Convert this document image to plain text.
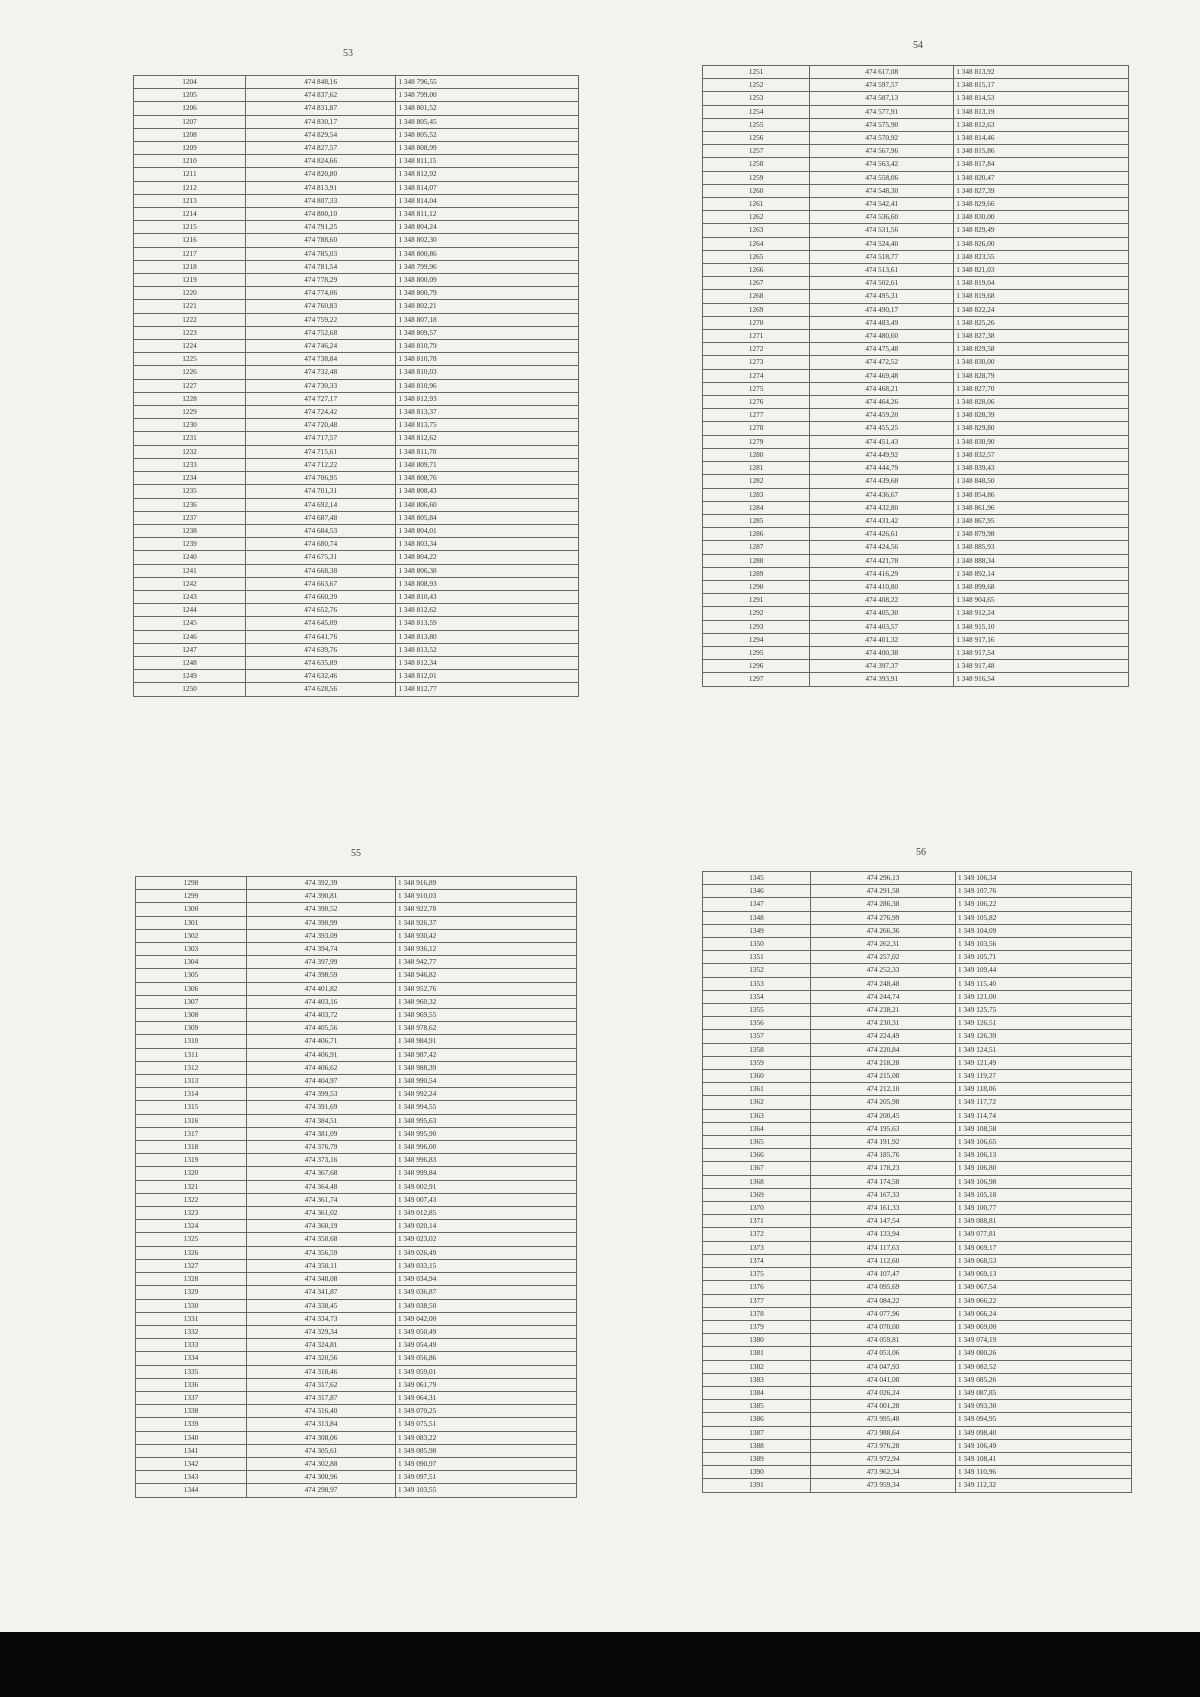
53
54
55	56
1204	474 848,16	1 348 796,55
1205	474 837,62	1 348 799,00
1206	474 831,87	1 348 801,52
1207	474 830,17	1 348 805,45
1208	474 829,54	1 348 805,52
1209	474 827,57	1 348 808,99
1210	474 824,66	1 348 811,15
1211	474 820,80	1 348 812,92
1212	474 813,91	1 348 814,07
1213	474 807,33	1 348 814,04
1214	474 800,10	1 348 811,12
1215	474 791,25	1 348 804,24
1216	474 788,60	1 348 802,30
1217	474 785,03	1 348 800,86
1218	474 781,54	1 348 799,96
1219	474 778,29	1 348 800,09
1220	474 774,06	1 348 800,79
1221	474 760,83	1 348 802,21
1222	474 759,22	1 348 807,18
1223	474 752,68	1 348 809,57
1224	474 746,24	1 348 810,79
1225	474 738,84	1 348 810,78
1226	474 732,48	1 348 810,03
1227	474 730,33	1 348 810,96
1228	474 727,17	1 348 812,93
1229	474 724,42	1 348 813,37
1230	474 720,48	1 348 813,75
1231	474 717,57	1 348 812,62
1232	474 715,61	1 348 811,70
1233	474 712,22	1 348 809,71
1234	474 706,95	1 348 808,76
1235	474 701,31	1 348 808,43
1236	474 692,14	1 348 806,60
1237	474 687,48	1 348 805,84
1238	474 684,53	1 348 804,01
1239	474 680,74	1 348 803,34
1240	474 675,31	1 348 804,22
1241	474 668,38	1 348 806,38
1242	474 663,67	1 348 808,93
1243	474 660,39	1 348 810,43
1244	474 652,76	1 348 812,62
1245	474 645,09	1 348 813,59
1246	474 641,76	1 348 813,80
1247	474 639,76	1 348 813,52
1248	474 635,89	1 348 812,34
1249	474 632,46	1 348 812,01
1250	474 628,56	1 348 812,77
1251	474 617,08	1 348 813,92
1252	474 597,57	1 348 815,17
1253	474 587,13	1 348 814,53
1254	474 577,91	1 348 813,19
1255	474 575,90	1 348 812,63
1256	474 570,92	1 348 814,46
1257	474 567,96	1 348 815,86
1258	474 563,42	1 348 817,84
1259	474 558,06	1 348 820,47
1260	474 548,30	1 348 827,39
1261	474 542,41	1 348 829,66
1262	474 536,60	1 348 830,00
1263	474 531,56	1 348 829,49
1264	474 524,40	1 348 826,00
1265	474 518,77	1 348 823,55
1266	474 513,61	1 348 821,03
1267	474 502,61	1 348 819,04
1268	474 495,31	1 348 819,68
1269	474 490,17	1 348 822,24
1270	474 483,49	1 348 825,26
1271	474 480,60	1 348 827,38
1272	474 475,48	1 348 829,58
1273	474 472,52	1 348 830,00
1274	474 469,48	1 348 828,79
1275	474 468,21	1 348 827,70
1276	474 464,26	1 348 828,06
1277	474 459,20	1 348 828,39
1278	474 455,25	1 348 829,80
1279	474 451,43	1 348 830,90
1280	474 449,92	1 348 832,57
1281	474 444,79	1 348 839,43
1282	474 439,68	1 348 848,50
1283	474 436,67	1 348 854,86
1284	474 432,80	1 348 861,96
1285	474 431,42	1 348 867,95
1286	474 426,61	1 348 879,98
1287	474 424,56	1 348 885,93
1288	474 421,78	1 348 888,34
1289	474 416,29	1 348 892,14
1290	474 410,80	1 348 899,68
1291	474 408,22	1 348 904,65
1292	474 405,30	1 348 912,24
1293	474 403,57	1 348 915,10
1294	474 401,32	1 348 917,16
1295	474 400,38	1 348 917,54
1296	474 397,37	1 348 917,48
1297	474 393,91	1 348 916,54
1298	474 392,39	1 348 916,89
1299	474 390,81	1 348 910,03
1300	474 390,52	1 348 922,78
1301	474 390,99	1 348 926,37
1302	474 393,09	1 348 930,42
1303	474 394,74	1 348 936,12
1304	474 397,99	1 348 942,77
1305	474 398,59	1 348 946,82
1306	474 401,82	1 348 952,76
1307	474 403,16	1 348 960,32
1308	474 403,72	1 348 969,55
1309	474 405,56	1 348 978,62
1310	474 406,71	1 348 984,91
1311	474 406,91	1 348 987,42
1312	474 406,62	1 348 988,39
1313	474 404,97	1 348 990,54
1314	474 399,53	1 348 992,24
1315	474 391,69	1 348 994,55
1316	474 384,51	1 348 995,63
1317	474 381,09	1 348 995,90
1318	474 376,79	1 348 996,00
1319	474 373,16	1 348 996,83
1320	474 367,68	1 348 999,84
1321	474 364,48	1 349 002,91
1322	474 361,74	1 349 007,43
1323	474 361,02	1 349 012,85
1324	474 360,19	1 349 020,14
1325	474 358,68	1 349 023,02
1326	474 356,59	1 349 026,49
1327	474 350,11	1 349 033,15
1328	474 348,08	1 349 034,94
1329	474 341,87	1 349 036,87
1330	474 338,45	1 349 038,50
1331	474 334,73	1 349 042,00
1332	474 329,34	1 349 050,49
1333	474 324,81	1 349 054,49
1334	474 320,56	1 349 056,86
1335	474 318,46	1 349 059,01
1336	474 317,62	1 349 061,79
1337	474 317,87	1 349 064,31
1338	474 316,40	1 349 070,25
1339	474 313,84	1 349 075,51
1340	474 308,06	1 349 083,22
1341	474 305,61	1 349 085,98
1342	474 302,88	1 349 090,97
1343	474 300,96	1 349 097,51
1344	474 298,97	1 349 103,55
1345	474 296,13	1 349 106,34
1346	474 291,58	1 349 107,76
1347	474 286,38	1 349 106,22
1348	474 276,99	1 349 105,82
1349	474 266,36	1 349 104,09
1350	474 262,31	1 349 103,56
1351	474 257,02	1 349 105,71
1352	474 252,33	1 349 109,44
1353	474 248,48	1 349 115,40
1354	474 244,74	1 349 121,00
1355	474 238,21	1 349 125,75
1356	474 230,31	1 349 126,51
1357	474 224,49	1 349 126,39
1358	474 220,84	1 349 124,51
1359	474 218,28	1 349 121,49
1360	474 215,08	1 349 119,27
1361	474 212,10	1 349 118,06
1362	474 205,98	1 349 117,72
1363	474 200,45	1 349 114,74
1364	474 195,63	1 349 108,58
1365	474 191,92	1 349 106,65
1366	474 185,76	1 349 106,13
1367	474 178,23	1 349 106,80
1368	474 174,58	1 349 106,98
1369	474 167,33	1 349 105,18
1370	474 161,33	1 349 100,77
1371	474 147,54	1 349 088,81
1372	474 133,94	1 349 077,81
1373	474 117,63	1 349 069,17
1374	474 112,60	1 349 068,53
1375	474 107,47	1 349 069,13
1376	474 095,69	1 349 067,54
1377	474 084,22	1 349 066,22
1378	474 077,96	1 349 066,24
1379	474 070,00	1 349 069,00
1380	474 059,81	1 349 074,19
1381	474 053,06	1 349 080,26
1382	474 047,93	1 349 082,52
1383	474 041,08	1 349 085,26
1384	474 026,24	1 349 087,85
1385	474 001,28	1 349 093,30
1386	473 995,48	1 349 094,95
1387	473 988,64	1 349 098,40
1388	473 976,28	1 349 106,49
1389	473 972,94	1 349 108,41
1390	473 962,34	1 349 110,96
1391	473 959,34	1 349 112,32
